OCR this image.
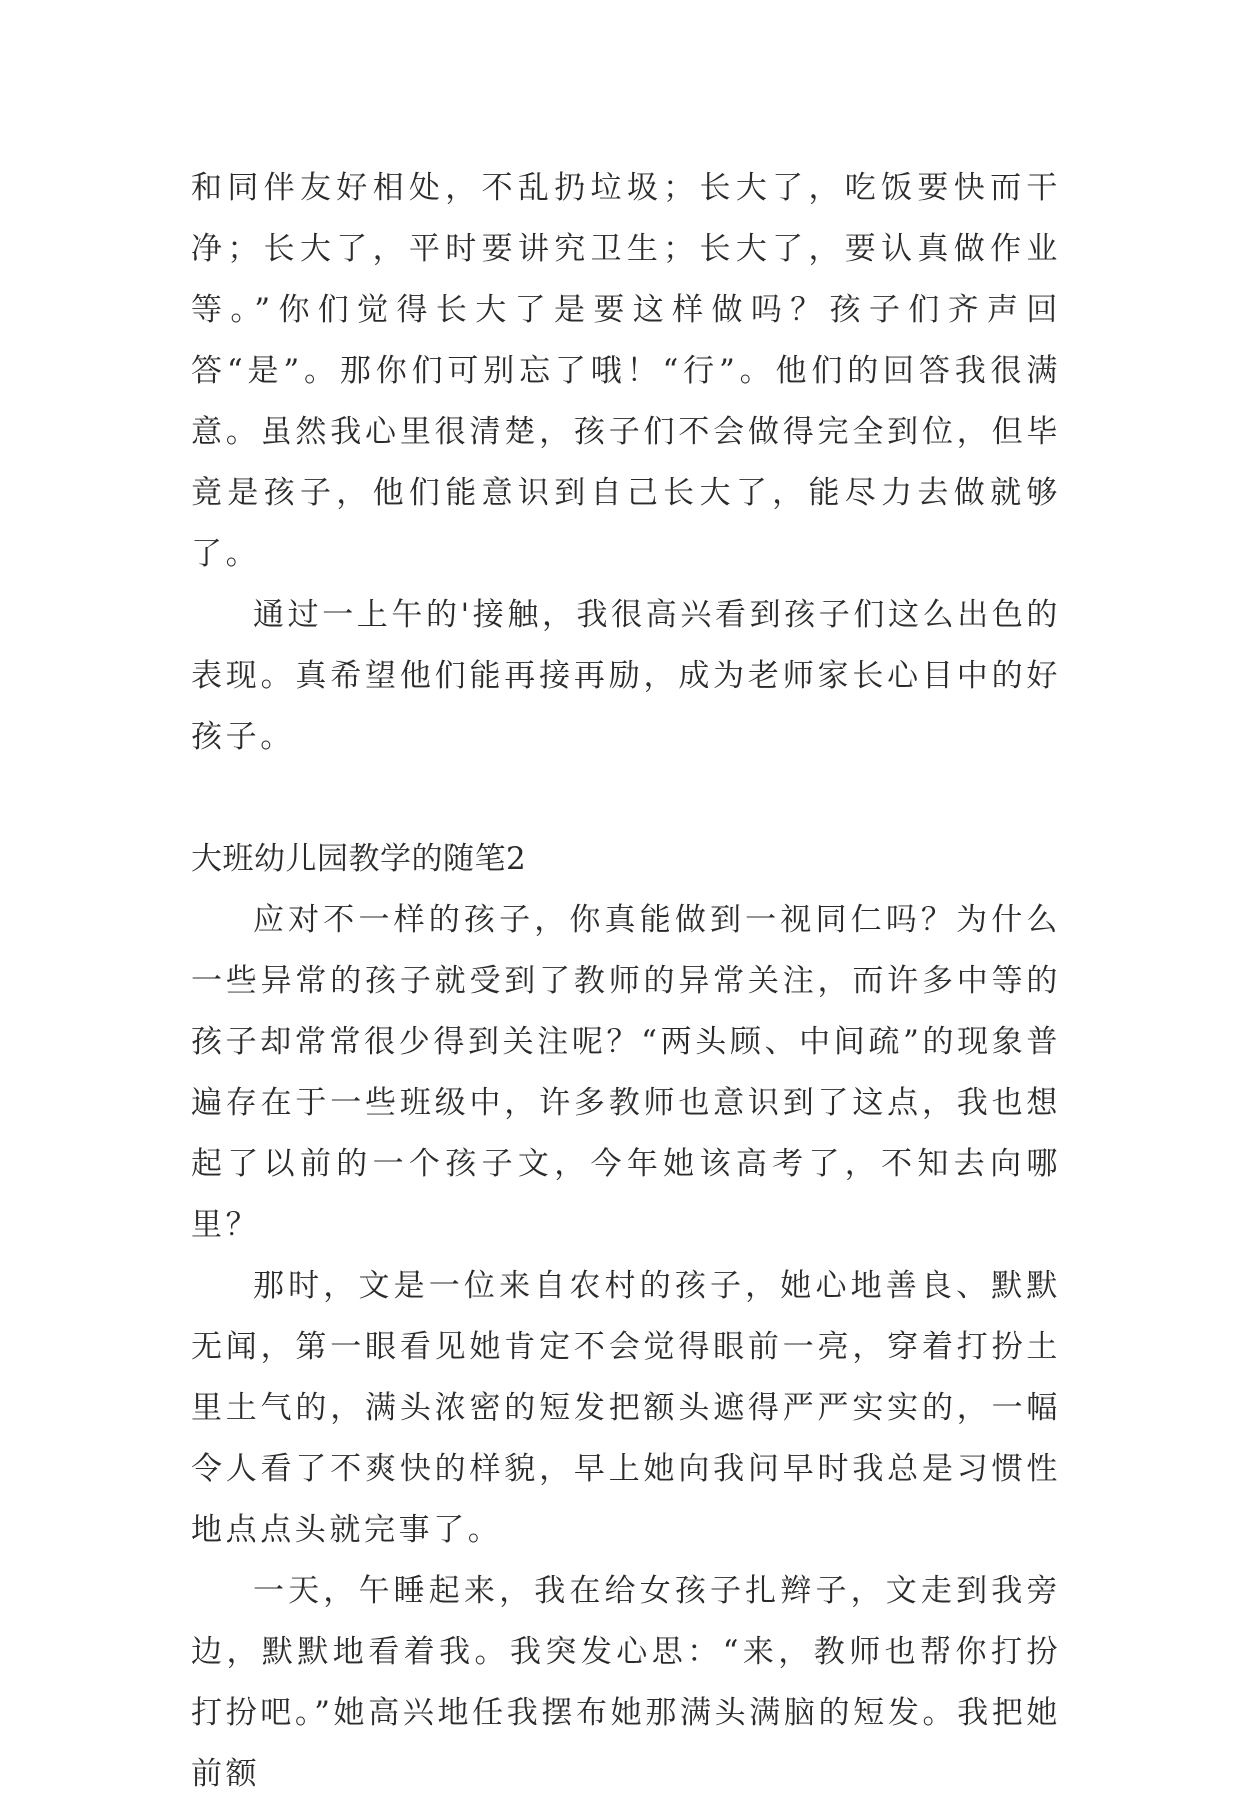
和同伴友好相处，不乱扔垃圾；长大了，吃饭要快而干净；长大了，平时要讲究卫生；长大了，要认真做作业等。”你们觉得长大了是要这样做吗？孩子们齐声回答“是”。那你们可别忘了哦！“行”。他们的回答我很满意。虽然我心里很清楚，孩子们不会做得完全到位，但毕竟是孩子，他们能意识到自己长大了，能尽力去做就够了。

通过一上午的'接触，我很高兴看到孩子们这么出色的表现。真希望他们能再接再励，成为老师家长心目中的好孩子。

大班幼儿园教学的随笔2

应对不一样的孩子，你真能做到一视同仁吗？为什么一些异常的孩子就受到了教师的异常关注，而许多中等的孩子却常常很少得到关注呢？“两头顾、中间疏”的现象普遍存在于一些班级中，许多教师也意识到了这点，我也想起了以前的一个孩子文，今年她该高考了，不知去向哪里？

那时，文是一位来自农村的孩子，她心地善良、默默无闻，第一眼看见她肯定不会觉得眼前一亮，穿着打扮土里土气的，满头浓密的短发把额头遮得严严实实的，一幅令人看了不爽快的样貌，早上她向我问早时我总是习惯性地点点头就完事了。

一天，午睡起来，我在给女孩子扎辫子，文走到我旁边，默默地看着我。我突发心思：“来，教师也帮你打扮打扮吧。”她高兴地任我摆布她那满头满脑的短发。我把她前额
